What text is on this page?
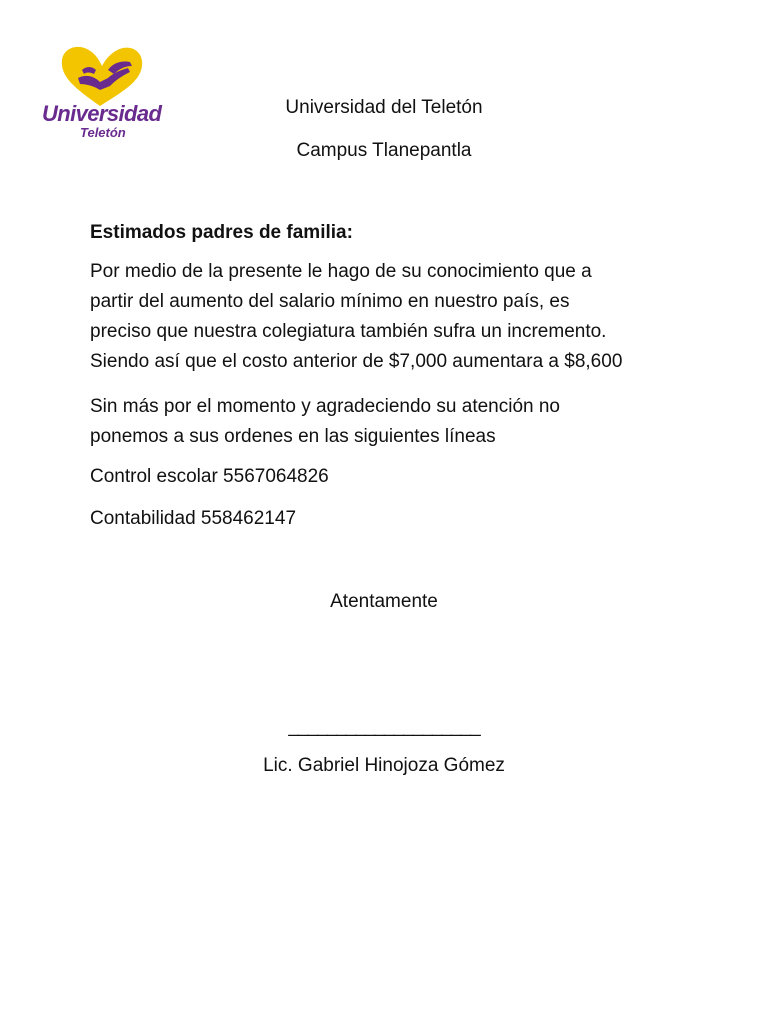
Universidad
Teletón
Universidad del Teletón
Campus Tlanepantla
Estimados padres de familia:
Por medio de la presente le hago de su conocimiento que a
partir del aumento del salario mínimo en nuestro país, es
preciso que nuestra colegiatura también sufra un incremento.
Siendo así que el costo anterior de $7,000 aumentara a $8,600
Sin más por el momento y agradeciendo su atención no
ponemos a sus ordenes en las siguientes líneas
Control escolar 5567064826
Contabilidad 558462147
Atentamente
____________________
Lic. Gabriel Hinojoza Gómez
